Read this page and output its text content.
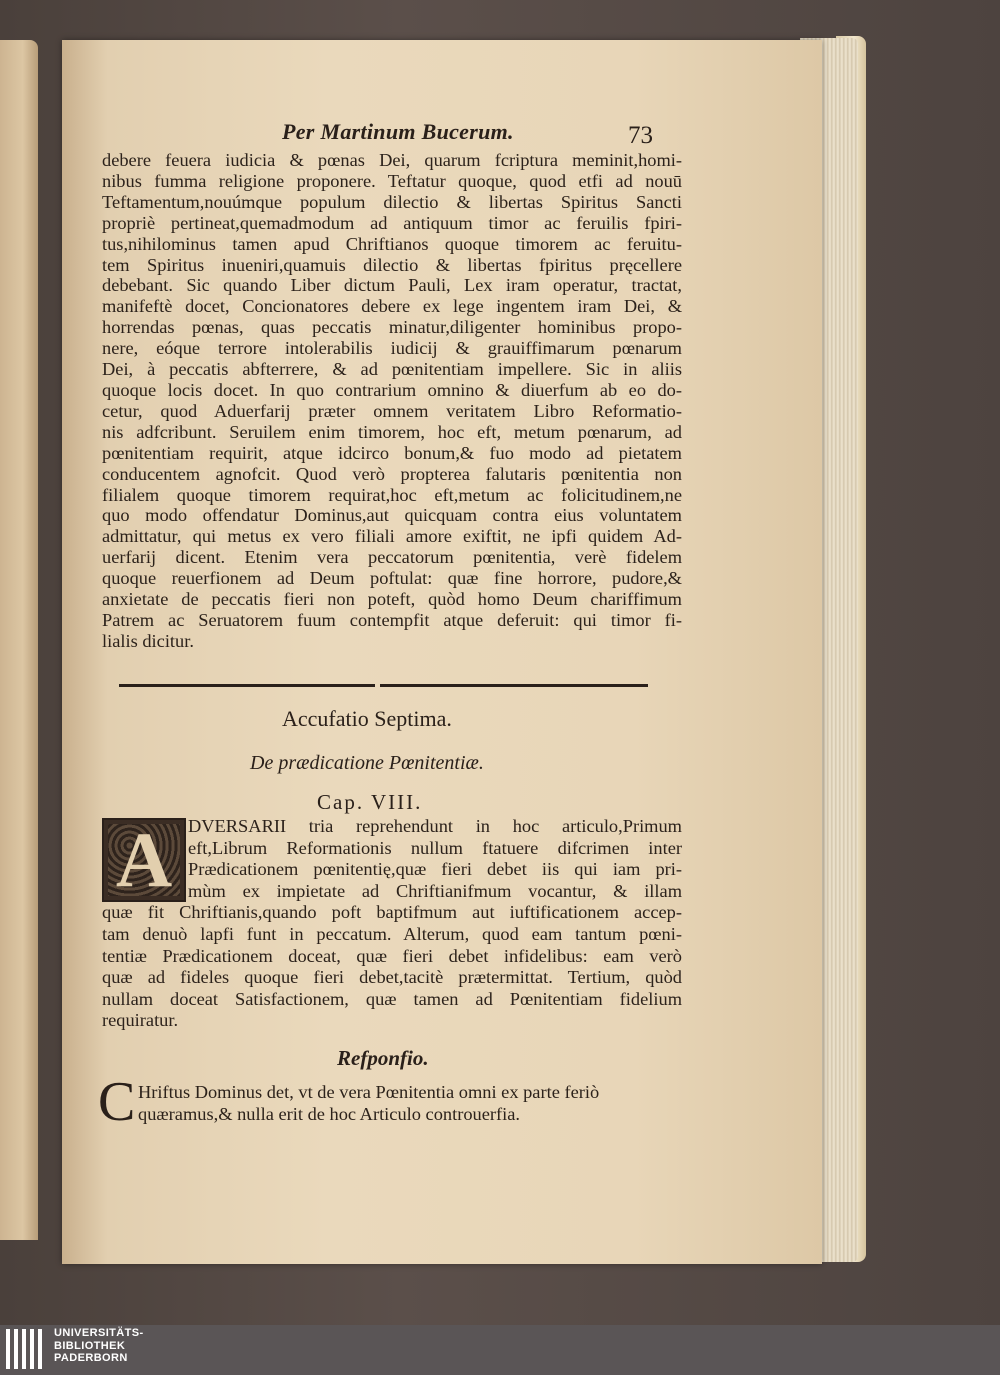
Per Martinum Bucerum.	73
debere feuera iudicia & pœnas Dei, quarum fcriptura meminit,homi-
nibus fumma religione proponere. Teftatur quoque, quod etfi ad nouū
Teftamentum,nouúmque populum dilectio & libertas Spiritus Sancti
propriè pertineat,quemadmodum ad antiquum timor ac feruilis fpiri-
tus,nihilominus tamen apud Chriftianos quoque timorem ac feruitu-
tem Spiritus inueniri,quamuis dilectio & libertas fpiritus pręcellere
debebant. Sic quando Liber dictum Pauli, Lex iram operatur, tractat,
manifeftè docet, Concionatores debere ex lege ingentem iram Dei, &
horrendas pœnas, quas peccatis minatur,diligenter hominibus propo-
nere, eóque terrore intolerabilis iudicij & grauiffimarum pœnarum
Dei, à peccatis abfterrere, & ad pœnitentiam impellere. Sic in aliis
quoque locis docet. In quo contrarium omnino & diuerfum ab eo do-
cetur, quod Aduerfarij præter omnem veritatem Libro Reformatio-
nis adfcribunt. Seruilem enim timorem, hoc eft, metum pœnarum, ad
pœnitentiam requirit, atque idcirco bonum,& fuo modo ad pietatem
conducentem agnofcit. Quod verò propterea falutaris pœnitentia non
filialem quoque timorem requirat,hoc eft,metum ac folicitudinem,ne
quo modo offendatur Dominus,aut quicquam contra eius voluntatem
admittatur, qui metus ex vero filiali amore exiftit, ne ipfi quidem Ad-
uerfarij dicent. Etenim vera peccatorum pœnitentia, verè fidelem
quoque reuerfionem ad Deum poftulat: quæ fine horrore, pudore,&
anxietate de peccatis fieri non poteft, quòd homo Deum chariffimum
Patrem ac Seruatorem fuum contempfit atque deferuit: qui timor fi-
lialis dicitur.
Accufatio Septima.
De prædicatione Pœnitentiæ.
Cap. VIII.
A DVERSARII tria reprehendunt in hoc articulo,Primum
eft,Librum Reformationis nullum ftatuere difcrimen inter
Prædicationem pœnitentię,quæ fieri debet iis qui iam pri-
mùm ex impietate ad Chriftianifmum vocantur, & illam
quæ fit Chriftianis,quando poft baptifmum aut iuftificationem accep-
tam denuò lapfi funt in peccatum. Alterum, quod eam tantum pœni-
tentiæ Prædicationem doceat, quæ fieri debet infidelibus: eam verò
quæ ad fideles quoque fieri debet,tacitè prætermittat. Tertium, quòd
nullam doceat Satisfactionem, quæ tamen ad Pœnitentiam fidelium
requiratur.
Refponfio.
C Hriftus Dominus det, vt de vera Pœnitentia omni ex parte feriò
quæramus,& nulla erit de hoc Articulo controuerfia.
UNIVERSITÄTS-
BIBLIOTHEK
PADERBORN
